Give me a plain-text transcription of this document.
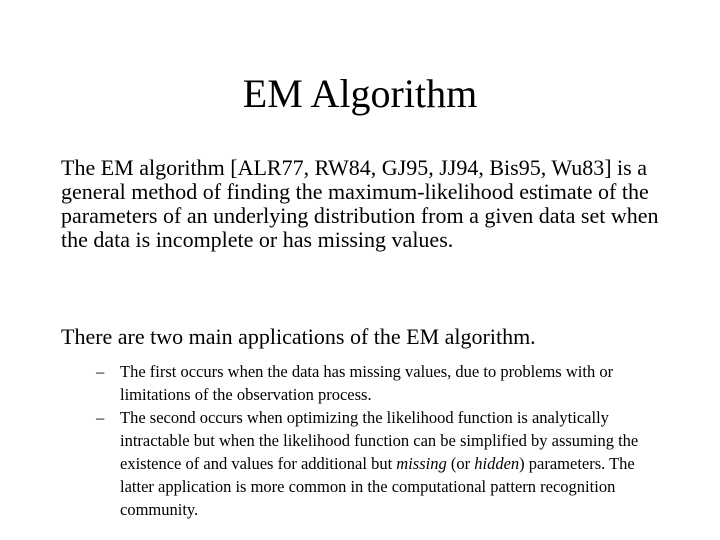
EM Algorithm

The EM algorithm [ALR77, RW84, GJ95, JJ94, Bis95, Wu83] is a general method of finding the maximum-likelihood estimate of the parameters of an underlying distribution from a given data set when the data is incomplete or has missing values.

There are two main applications of the EM algorithm.

– The first occurs when the data has missing values, due to problems with or limitations of the observation process.
– The second occurs when optimizing the likelihood function is analytically intractable but when the likelihood function can be simplified by assuming the existence of and values for additional but missing (or hidden) parameters. The latter application is more common in the computational pattern recognition community.
